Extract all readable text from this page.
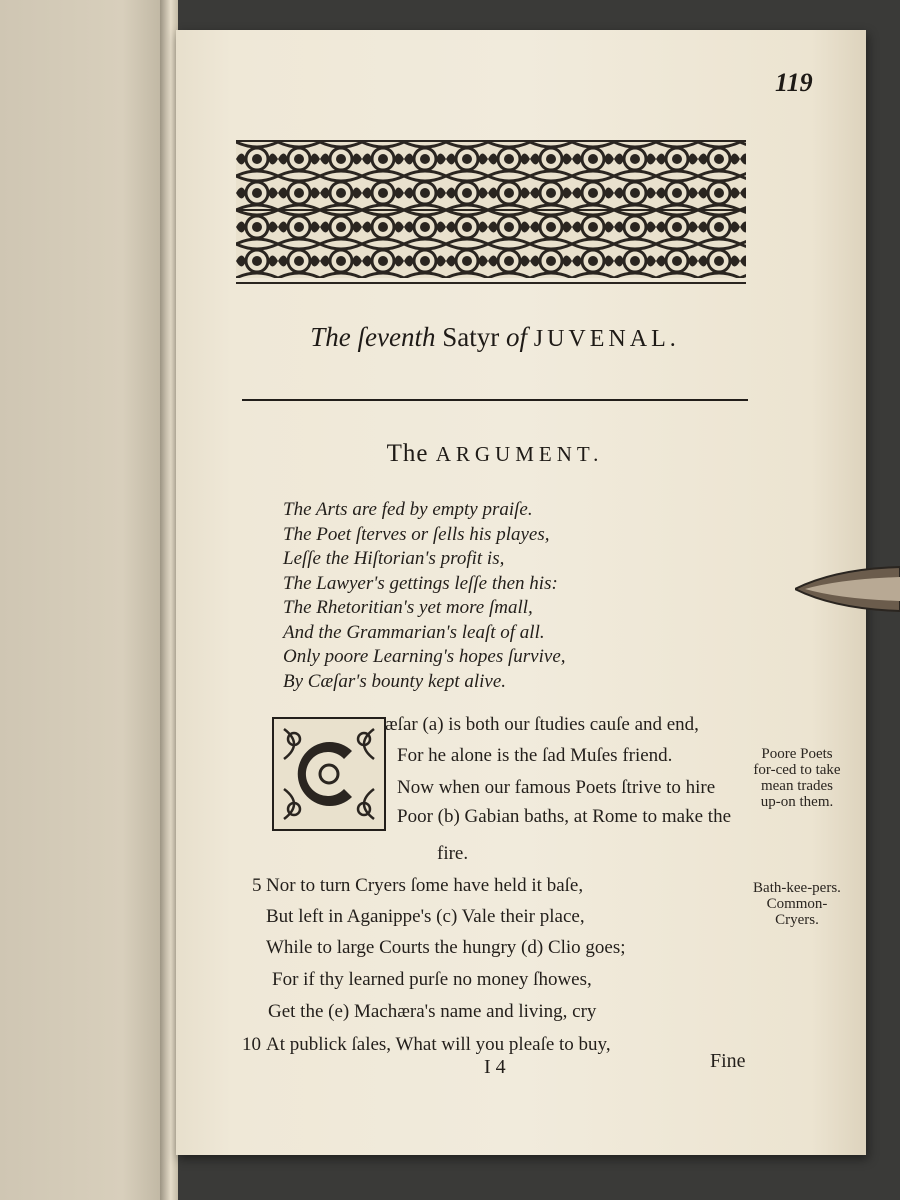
119
The ſeventh Satyr of JUVENAL.
The ARGUMENT.
The Arts are fed by empty praiſe.
The Poet ſterves or ſells his playes,
Leſſe the Hiſtorian's profit is,
The Lawyer's gettings leſſe then his:
The Rhetoritian's yet more ſmall,
And the Grammarian's leaſt of all.
Only poore Learning's hopes ſurvive,
By Cæſar's bounty kept alive.
æſar (a) is both our ſtudies cauſe and end,
For he alone is the ſad Muſes friend.
Now when our famous Poets ſtrive to hire
Poor (b) Gabian baths, at Rome to make the
fire.
5 Nor to turn Cryers ſome have held it baſe,
But left in Aganippe's (c) Vale their place,
While to large Courts the hungry (d) Clio goes;
For if thy learned purſe no money ſhowes,
Get the (e) Machæra's name and living, cry
10 At publick ſales, What will you pleaſe to buy,
Poore Poets for-ced to take mean trades up-on them.
Bath-kee-pers. Common-Cryers.
I 4	Fine
